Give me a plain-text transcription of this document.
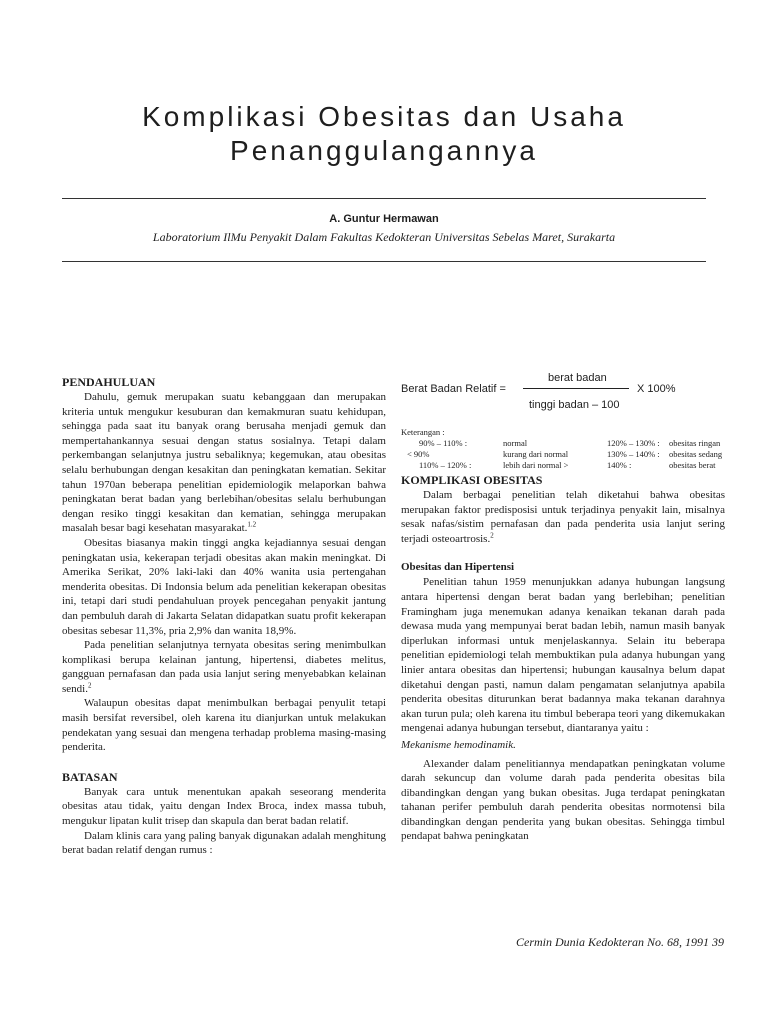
Komplikasi Obesitas dan Usaha
Penanggulangannya
A. Guntur Hermawan
Laboratorium IlMu Penyakit Dalam Fakultas Kedokteran Universitas Sebelas Maret, Surakarta
PENDAHULUAN

Dahulu, gemuk merupakan suatu kebanggaan dan merupakan kriteria untuk mengukur kesuburan dan kemakmuran suatu kehidupan, sehingga pada saat itu banyak orang berusaha menjadi gemuk dan mempertahankannya sesuai dengan status sosialnya. Tetapi dalam perkembangan selanjutnya justru sebaliknya; kegemukan, atau obesitas selalu berhubungan dengan kesakitan dan peningkatan kematian. Sekitar tahun 1970an beberapa penelitian epidemiologik melaporkan bahwa peningkatan berat badan yang berlebihan/obesitas selalu berhubungan dengan resiko tinggi kesakitan dan kematian, sehingga merupakan masalah besar bagi kesehatan masyarakat.$^{1.2}$

Obesitas biasanya makin tinggi angka kejadiannya sesuai dengan peningkatan usia, kekerapan terjadi obesitas akan makin meningkat. Di Amerika Serikat, 20% laki-laki dan 40% wanita usia pertengahan menderita obesitas. Di Indonsia belum ada penelitian kekerapan obesitas ini, tetapi dari studi pendahuluan proyek pencegahan penyakit jantung dan pembuluh darah di Jakarta Selatan didapatkan suatu profit kekerapan obesitas sebesar 11,3%, pria 2,9% dan wanita 18,9%.

Pada penelitian selanjutnya ternyata obesitas sering menimbulkan komplikasi berupa kelainan jantung, hipertensi, diabetes melitus, gangguan pernafasan dan pada usia lanjut sering menyebabkan kelainan sendi.$^2$

Walaupun obesitas dapat menimbulkan berbagai penyulit tetapi masih bersifat reversibel, oleh karena itu dianjurkan untuk melakukan pendekatan yang sesuai dan mengena terhadap problema masing-masing penderita.

BATASAN

Banyak cara untuk menentukan apakah seseorang menderita obesitas atau tidak, yaitu dengan Index Broca, index massa tubuh, mengukur lipatan kulit trisep dan skapula dan berat badan relatif.

Dalam klinis cara yang paling banyak digunakan adalah menghitung berat badan relatif dengan rumus :

Berat Badan Relatif =
berat badan
tinggi badan – 100
X 100%
Keterangan :
90% – 110% :	normal	120% – 130% :	obesitas ringan
< 90%	kurang dari normal	130% – 140% :	obesitas sedang
110% – 120% :	lebih dari normal >	140% :	obesitas berat
KOMPLIKASI OBESITAS

Dalam berbagai penelitian telah diketahui bahwa obesitas merupakan faktor predisposisi untuk terjadinya penyakit lain, misalnya sesak nafas/sistim pernafasan dan pada penderita usia lanjut sering terjadi osteoartrosis.$^2$

Obesitas dan Hipertensi

Penelitian tahun 1959 menunjukkan adanya hubungan langsung antara hipertensi dengan berat badan yang berlebihan; penelitian Framingham juga menemukan adanya kenaikan tekanan darah pada dewasa muda yang mempunyai berat badan lebih, namun masih banyak diperlukan informasi untuk menjelaskannya. Selain itu beberapa penelitian epidemiologi telah membuktikan pula adanya hubungan yang linier antara obesitas dan hipertensi; hubungan kausalnya belum dapat diketahui dengan pasti, namun dalam pengamatan selanjutnya apabila penderita obesitas diturunkan berat badannya maka tekanan darahnya akan turun pula; oleh karena itu timbul beberapa teori yang dikemukakan mengenai adanya hubungan tersebut, diantaranya yaitu :

Mekanisme hemodinamik.

Alexander dalam penelitiannya mendapatkan peningkatan volume darah sekuncup dan volume darah pada penderita obesitas bila dibandingkan dengan yang bukan obesitas. Juga terdapat peningkatan tahanan perifer pembuluh darah penderita obesitas normotensi bila dibandingkan dengan penderita yang bukan obesitas. Sehingga timbul pendapat bahwa peningkatan

Cermin Dunia Kedokteran No. 68, 1991 39
